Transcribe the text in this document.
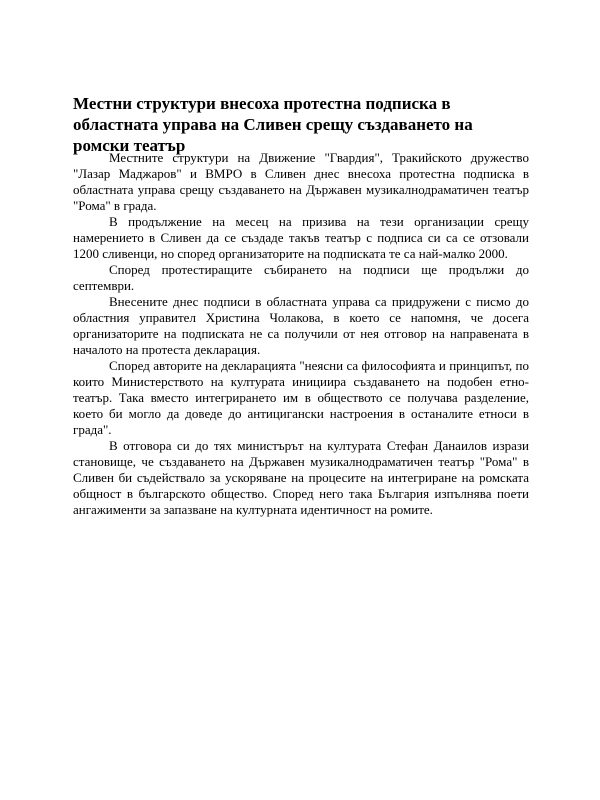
Местни структури внесоха протестна подписка в областната управа на Сливен срещу създаването на ромски театър

Местните структури на Движение "Гвардия", Тракийското дружество "Лазар Маджаров" и ВМРО в Сливен днес внесоха протестна подписка в областната управа срещу създаването на Държавен музикалнодраматичен театър "Рома" в града.

В продължение на месец на призива на тези организации срещу намерението в Сливен да се създаде такъв театър с подписа си са се отзовали 1200 сливенци, но според организаторите на подписката те са най-малко 2000.

Според протестиращите събирането на подписи ще продължи до септември.

Внесените днес подписи в областната управа са придружени с писмо до областния управител Христина Чолакова, в което се напомня, че досега организаторите на подписката не са получили от нея отговор на направената в началото на протеста декларация.

Според авторите на декларацията "неясни са философията и принципът, по които Министерството на културата инициира създаването на подобен етно-театър. Така вместо интегрирането им в обществото се получава разделение, което би могло да доведе до антицигански настроения в останалите етноси в града".

В отговора си до тях министърът на културата Стефан Данаилов изрази становище, че създаването на Държавен музикалнодраматичен театър "Рома" в Сливен би съдействало за ускоряване на процесите на интегриране на ромската общност в българското общество. Според него така България изпълнява поети ангажименти за запазване на културната идентичност на ромите.
